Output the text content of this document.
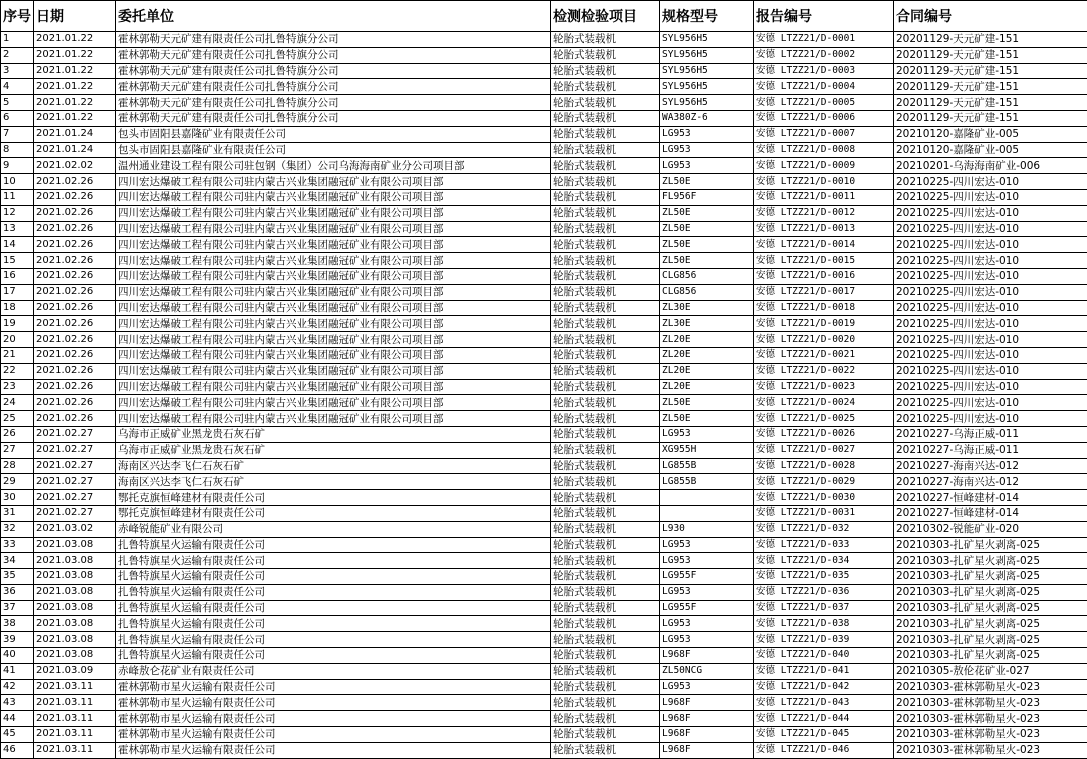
序号	日期	委托单位	检测检验项目	规格型号	报告编号	合同编号
1	2021.01.22	霍林郭勒天元矿建有限责任公司扎鲁特旗分公司	轮胎式装载机	SYL956H5	安德 LTZZ21/D-0001	20201129-天元矿建-151
2	2021.01.22	霍林郭勒天元矿建有限责任公司扎鲁特旗分公司	轮胎式装载机	SYL956H5	安德 LTZZ21/D-0002	20201129-天元矿建-151
3	2021.01.22	霍林郭勒天元矿建有限责任公司扎鲁特旗分公司	轮胎式装载机	SYL956H5	安德 LTZZ21/D-0003	20201129-天元矿建-151
4	2021.01.22	霍林郭勒天元矿建有限责任公司扎鲁特旗分公司	轮胎式装载机	SYL956H5	安德 LTZZ21/D-0004	20201129-天元矿建-151
5	2021.01.22	霍林郭勒天元矿建有限责任公司扎鲁特旗分公司	轮胎式装载机	SYL956H5	安德 LTZZ21/D-0005	20201129-天元矿建-151
6	2021.01.22	霍林郭勒天元矿建有限责任公司扎鲁特旗分公司	轮胎式装载机	WA380Z-6	安德 LTZZ21/D-0006	20201129-天元矿建-151
7	2021.01.24	包头市固阳县嘉隆矿业有限责任公司	轮胎式装载机	LG953	安德 LTZZ21/D-0007	20210120-嘉隆矿业-005
8	2021.01.24	包头市固阳县嘉隆矿业有限责任公司	轮胎式装载机	LG953	安德 LTZZ21/D-0008	20210120-嘉隆矿业-005
9	2021.02.02	温州通业建设工程有限公司驻包钢（集团）公司乌海海南矿业分公司项目部	轮胎式装载机	LG953	安德 LTZZ21/D-0009	20210201-乌海海南矿业-006
10	2021.02.26	四川宏达爆破工程有限公司驻内蒙古兴业集团融冠矿业有限公司项目部	轮胎式装载机	ZL50E	安德 LTZZ21/D-0010	20210225-四川宏达-010
11	2021.02.26	四川宏达爆破工程有限公司驻内蒙古兴业集团融冠矿业有限公司项目部	轮胎式装载机	FL956F	安德 LTZZ21/D-0011	20210225-四川宏达-010
12	2021.02.26	四川宏达爆破工程有限公司驻内蒙古兴业集团融冠矿业有限公司项目部	轮胎式装载机	ZL50E	安德 LTZZ21/D-0012	20210225-四川宏达-010
13	2021.02.26	四川宏达爆破工程有限公司驻内蒙古兴业集团融冠矿业有限公司项目部	轮胎式装载机	ZL50E	安德 LTZZ21/D-0013	20210225-四川宏达-010
14	2021.02.26	四川宏达爆破工程有限公司驻内蒙古兴业集团融冠矿业有限公司项目部	轮胎式装载机	ZL50E	安德 LTZZ21/D-0014	20210225-四川宏达-010
15	2021.02.26	四川宏达爆破工程有限公司驻内蒙古兴业集团融冠矿业有限公司项目部	轮胎式装载机	ZL50E	安德 LTZZ21/D-0015	20210225-四川宏达-010
16	2021.02.26	四川宏达爆破工程有限公司驻内蒙古兴业集团融冠矿业有限公司项目部	轮胎式装载机	CLG856	安德 LTZZ21/D-0016	20210225-四川宏达-010
17	2021.02.26	四川宏达爆破工程有限公司驻内蒙古兴业集团融冠矿业有限公司项目部	轮胎式装载机	CLG856	安德 LTZZ21/D-0017	20210225-四川宏达-010
18	2021.02.26	四川宏达爆破工程有限公司驻内蒙古兴业集团融冠矿业有限公司项目部	轮胎式装载机	ZL30E	安德 LTZZ21/D-0018	20210225-四川宏达-010
19	2021.02.26	四川宏达爆破工程有限公司驻内蒙古兴业集团融冠矿业有限公司项目部	轮胎式装载机	ZL30E	安德 LTZZ21/D-0019	20210225-四川宏达-010
20	2021.02.26	四川宏达爆破工程有限公司驻内蒙古兴业集团融冠矿业有限公司项目部	轮胎式装载机	ZL20E	安德 LTZZ21/D-0020	20210225-四川宏达-010
21	2021.02.26	四川宏达爆破工程有限公司驻内蒙古兴业集团融冠矿业有限公司项目部	轮胎式装载机	ZL20E	安德 LTZZ21/D-0021	20210225-四川宏达-010
22	2021.02.26	四川宏达爆破工程有限公司驻内蒙古兴业集团融冠矿业有限公司项目部	轮胎式装载机	ZL20E	安德 LTZZ21/D-0022	20210225-四川宏达-010
23	2021.02.26	四川宏达爆破工程有限公司驻内蒙古兴业集团融冠矿业有限公司项目部	轮胎式装载机	ZL20E	安德 LTZZ21/D-0023	20210225-四川宏达-010
24	2021.02.26	四川宏达爆破工程有限公司驻内蒙古兴业集团融冠矿业有限公司项目部	轮胎式装载机	ZL50E	安德 LTZZ21/D-0024	20210225-四川宏达-010
25	2021.02.26	四川宏达爆破工程有限公司驻内蒙古兴业集团融冠矿业有限公司项目部	轮胎式装载机	ZL50E	安德 LTZZ21/D-0025	20210225-四川宏达-010
26	2021.02.27	乌海市正威矿业黑龙贵石灰石矿	轮胎式装载机	LG953	安德 LTZZ21/D-0026	20210227-乌海正威-011
27	2021.02.27	乌海市正威矿业黑龙贵石灰石矿	轮胎式装载机	XG955H	安德 LTZZ21/D-0027	20210227-乌海正威-011
28	2021.02.27	海南区兴达李飞仁石灰石矿	轮胎式装载机	LG855B	安德 LTZZ21/D-0028	20210227-海南兴达-012
29	2021.02.27	海南区兴达李飞仁石灰石矿	轮胎式装载机	LG855B	安德 LTZZ21/D-0029	20210227-海南兴达-012
30	2021.02.27	鄂托克旗恒峰建材有限责任公司	轮胎式装载机		安德 LTZZ21/D-0030	20210227-恒峰建材-014
31	2021.02.27	鄂托克旗恒峰建材有限责任公司	轮胎式装载机		安德 LTZZ21/D-0031	20210227-恒峰建材-014
32	2021.03.02	赤峰锐能矿业有限公司	轮胎式装载机	L930	安德 LTZZ21/D-032	20210302-锐能矿业-020
33	2021.03.08	扎鲁特旗星火运输有限责任公司	轮胎式装载机	LG953	安德 LTZZ21/D-033	20210303-扎矿星火剥离-025
34	2021.03.08	扎鲁特旗星火运输有限责任公司	轮胎式装载机	LG953	安德 LTZZ21/D-034	20210303-扎矿星火剥离-025
35	2021.03.08	扎鲁特旗星火运输有限责任公司	轮胎式装载机	LG955F	安德 LTZZ21/D-035	20210303-扎矿星火剥离-025
36	2021.03.08	扎鲁特旗星火运输有限责任公司	轮胎式装载机	LG953	安德 LTZZ21/D-036	20210303-扎矿星火剥离-025
37	2021.03.08	扎鲁特旗星火运输有限责任公司	轮胎式装载机	LG955F	安德 LTZZ21/D-037	20210303-扎矿星火剥离-025
38	2021.03.08	扎鲁特旗星火运输有限责任公司	轮胎式装载机	LG953	安德 LTZZ21/D-038	20210303-扎矿星火剥离-025
39	2021.03.08	扎鲁特旗星火运输有限责任公司	轮胎式装载机	LG953	安德 LTZZ21/D-039	20210303-扎矿星火剥离-025
40	2021.03.08	扎鲁特旗星火运输有限责任公司	轮胎式装载机	L968F	安德 LTZZ21/D-040	20210303-扎矿星火剥离-025
41	2021.03.09	赤峰敖仑花矿业有限责任公司	轮胎式装载机	ZL50NCG	安德 LTZZ21/D-041	20210305-敖伦花矿业-027
42	2021.03.11	霍林郭勒市星火运输有限责任公司	轮胎式装载机	LG953	安德 LTZZ21/D-042	20210303-霍林郭勒星火-023
43	2021.03.11	霍林郭勒市星火运输有限责任公司	轮胎式装载机	L968F	安德 LTZZ21/D-043	20210303-霍林郭勒星火-023
44	2021.03.11	霍林郭勒市星火运输有限责任公司	轮胎式装载机	L968F	安德 LTZZ21/D-044	20210303-霍林郭勒星火-023
45	2021.03.11	霍林郭勒市星火运输有限责任公司	轮胎式装载机	L968F	安德 LTZZ21/D-045	20210303-霍林郭勒星火-023
46	2021.03.11	霍林郭勒市星火运输有限责任公司	轮胎式装载机	L968F	安德 LTZZ21/D-046	20210303-霍林郭勒星火-023
